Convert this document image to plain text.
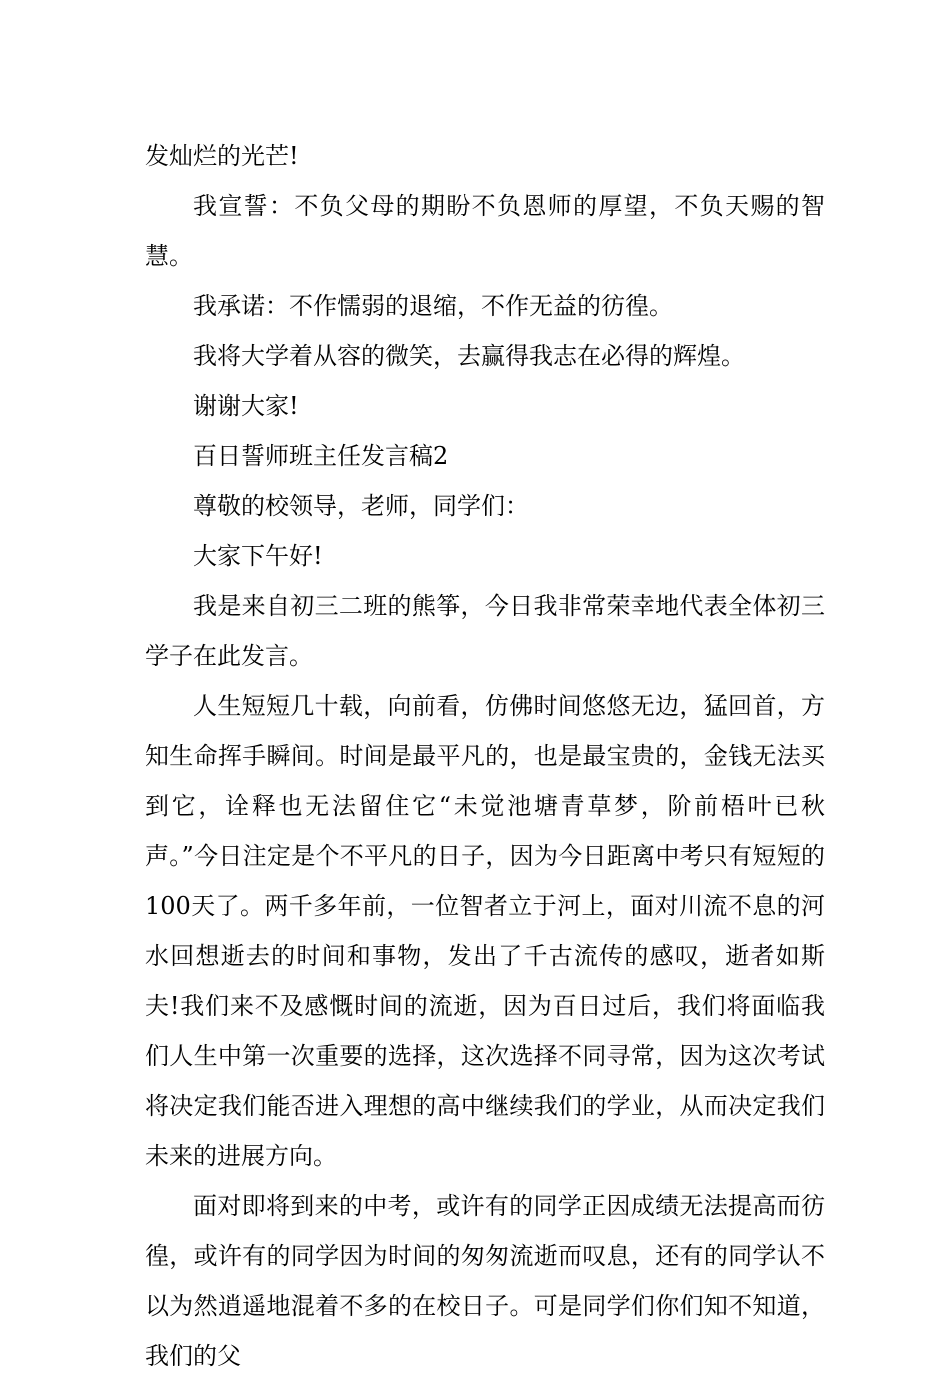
发灿烂的光芒!

我宣誓：不负父母的期盼不负恩师的厚望，不负天赐的智慧。

我承诺：不作懦弱的退缩，不作无益的彷徨。

我将大学着从容的微笑，去赢得我志在必得的辉煌。

谢谢大家!

百日誓师班主任发言稿2

尊敬的校领导，老师，同学们：

大家下午好!

我是来自初三二班的熊筝，今日我非常荣幸地代表全体初三学子在此发言。

人生短短几十载，向前看，仿佛时间悠悠无边，猛回首，方知生命挥手瞬间。时间是最平凡的，也是最宝贵的，金钱无法买到它，诠释也无法留住它“未觉池塘青草梦，阶前梧叶已秋声。”今日注定是个不平凡的日子，因为今日距离中考只有短短的100天了。两千多年前，一位智者立于河上，面对川流不息的河水回想逝去的时间和事物，发出了千古流传的感叹，逝者如斯夫!我们来不及感慨时间的流逝，因为百日过后，我们将面临我们人生中第一次重要的选择，这次选择不同寻常，因为这次考试将决定我们能否进入理想的高中继续我们的学业，从而决定我们未来的进展方向。

面对即将到来的中考，或许有的同学正因成绩无法提高而彷徨，或许有的同学因为时间的匆匆流逝而叹息，还有的同学认不以为然逍遥地混着不多的在校日子。可是同学们你们知不知道，我们的父
